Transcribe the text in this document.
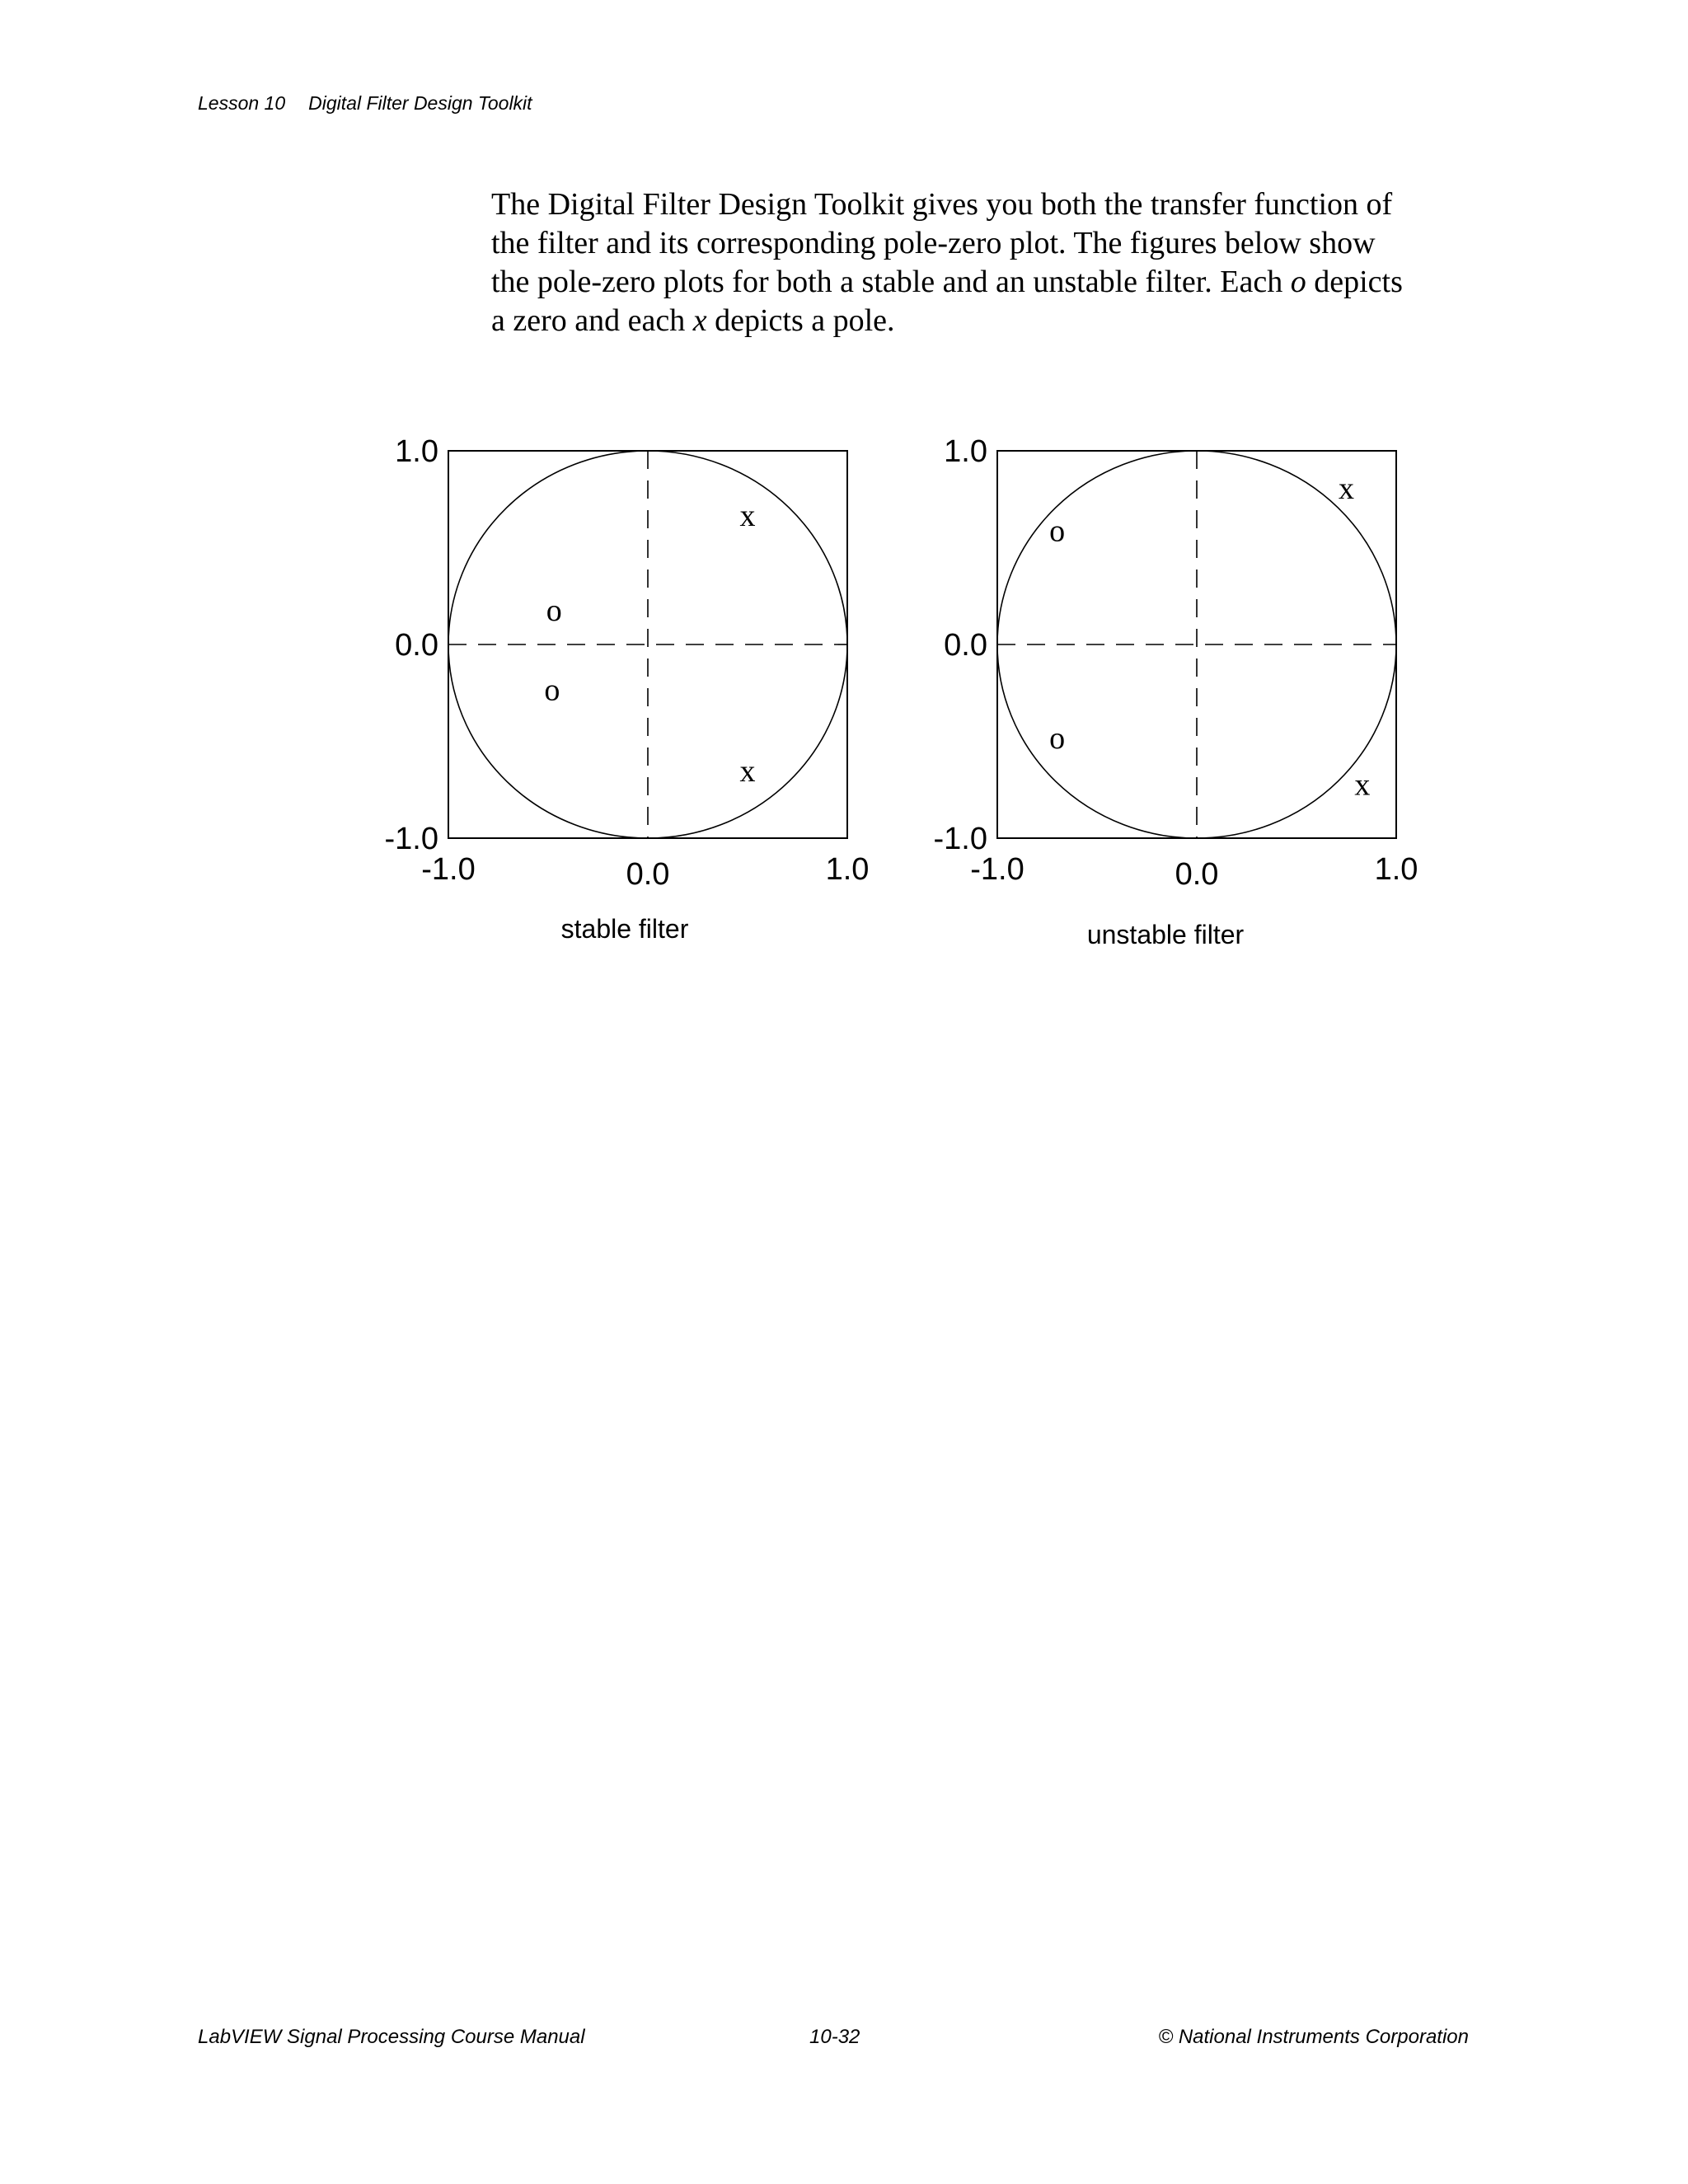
Lesson 10 Digital Filter Design Toolkit

The Digital Filter Design Toolkit gives you both the transfer function of

the filter and its corresponding pole-zero plot. The figures below show

the pole-zero plots for both a stable and an unstable filter. Each o depicts

a zero and each x depicts a pole.

1.0
0.0
-1.0
-1.0	0.0	1.0
o
o
x
x
stable filter
1.0
0.0
-1.0
-1.0	0.0	1.0
o
o
x
x
unstable filter
LabVIEW Signal Processing Course Manual	10-32	© National Instruments Corporation
